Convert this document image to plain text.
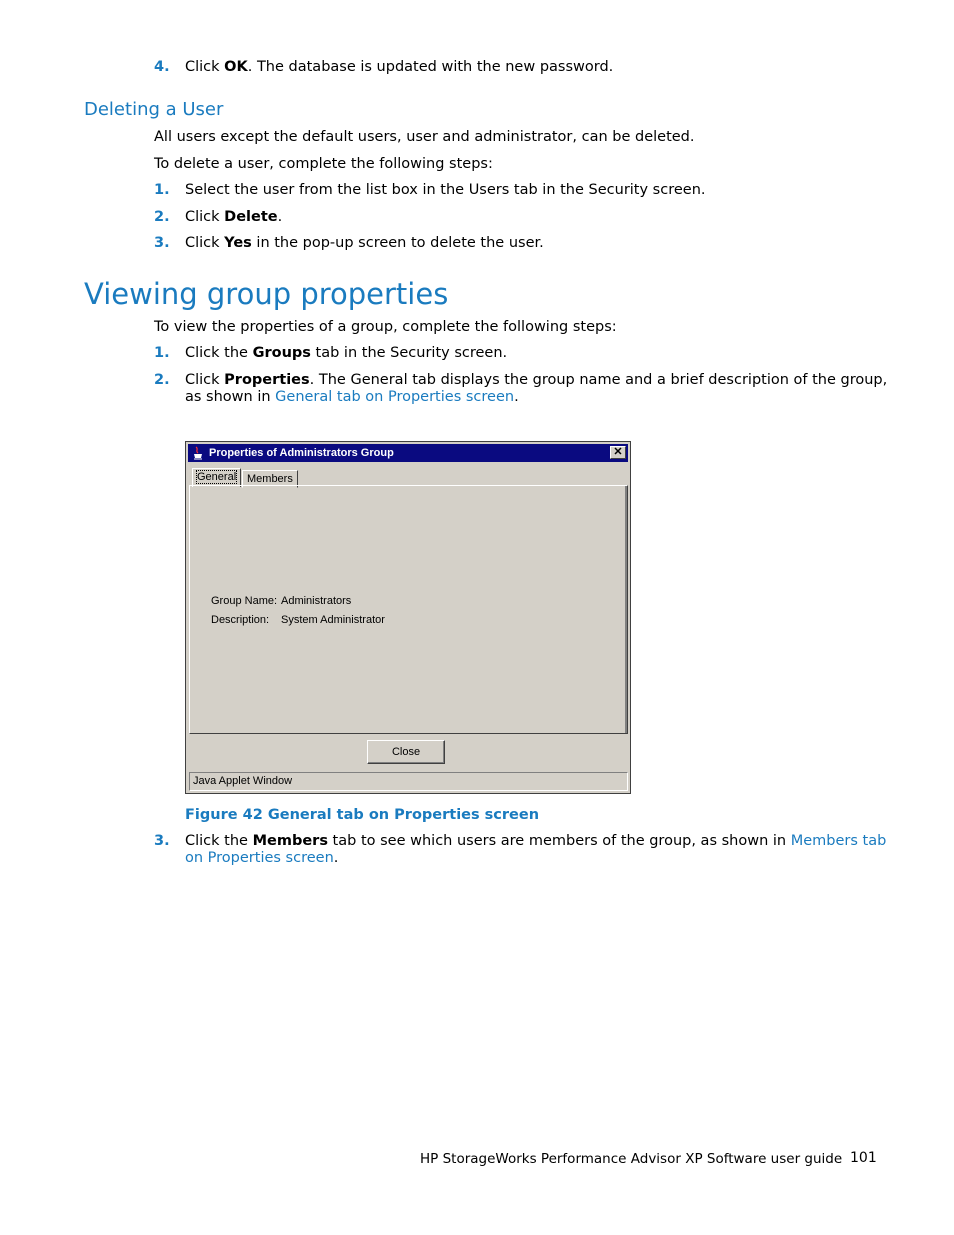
4. Click OK. The database is updated with the new password.
Deleting a User
All users except the default users, user and administrator, can be deleted.
To delete a user, complete the following steps:
1. Select the user from the list box in the Users tab in the Security screen.
2. Click Delete.
3. Click Yes in the pop-up screen to delete the user.
Viewing group properties
To view the properties of a group, complete the following steps:
1. Click the Groups tab in the Security screen.
2. Click Properties. The General tab displays the group name and a brief description of the group,
as shown in General tab on Properties screen.
Properties of Administrators Group	✕
General Members
Group Name: Administrators
Description: System Administrator
Close
Java Applet Window
Figure 42 General tab on Properties screen
3. Click the Members tab to see which users are members of the group, as shown in Members tab
on Properties screen.
HP StorageWorks Performance Advisor XP Software user guide 101
